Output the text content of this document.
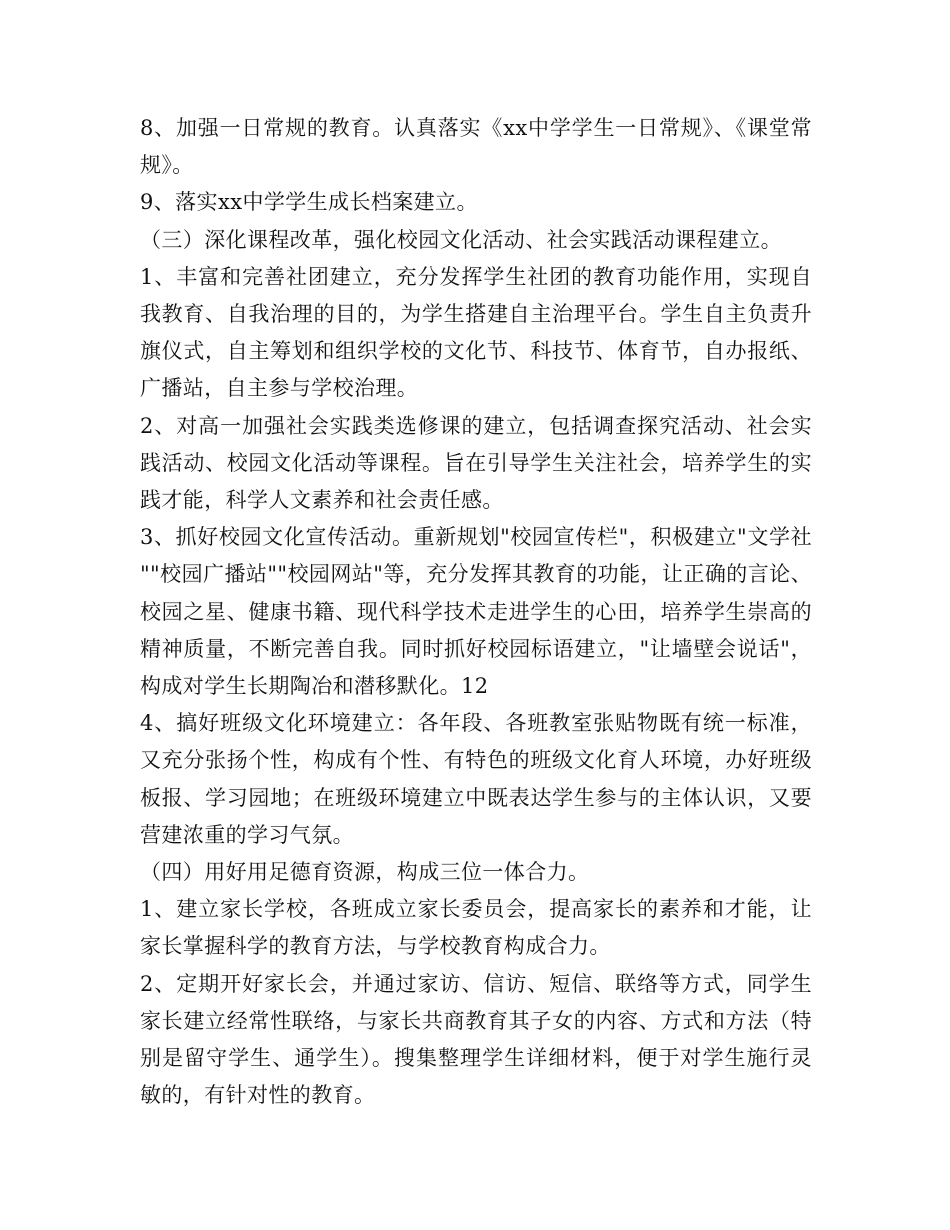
8、加强一日常规的教育。认真落实《xx中学学生一日常规》、《课堂常规》。

9、落实xx中学学生成长档案建立。

（三）深化课程改革，强化校园文化活动、社会实践活动课程建立。

1、丰富和完善社团建立，充分发挥学生社团的教育功能作用，实现自我教育、自我治理的目的，为学生搭建自主治理平台。学生自主负责升旗仪式，自主筹划和组织学校的文化节、科技节、体育节，自办报纸、广播站，自主参与学校治理。

2、对高一加强社会实践类选修课的建立，包括调查探究活动、社会实践活动、校园文化活动等课程。旨在引导学生关注社会，培养学生的实践才能，科学人文素养和社会责任感。

3、抓好校园文化宣传活动。重新规划"校园宣传栏"，积极建立"文学社""校园广播站""校园网站"等，充分发挥其教育的功能，让正确的言论、校园之星、健康书籍、现代科学技术走进学生的心田，培养学生崇高的精神质量，不断完善自我。同时抓好校园标语建立，"让墙壁会说话"，构成对学生长期陶冶和潜移默化。12

4、搞好班级文化环境建立：各年段、各班教室张贴物既有统一标准，又充分张扬个性，构成有个性、有特色的班级文化育人环境，办好班级板报、学习园地；在班级环境建立中既表达学生参与的主体认识，又要营建浓重的学习气氛。

（四）用好用足德育资源，构成三位一体合力。

1、建立家长学校，各班成立家长委员会，提高家长的素养和才能，让家长掌握科学的教育方法，与学校教育构成合力。

2、定期开好家长会，并通过家访、信访、短信、联络等方式，同学生家长建立经常性联络，与家长共商教育其子女的内容、方式和方法（特别是留守学生、通学生）。搜集整理学生详细材料，便于对学生施行灵敏的，有针对性的教育。
